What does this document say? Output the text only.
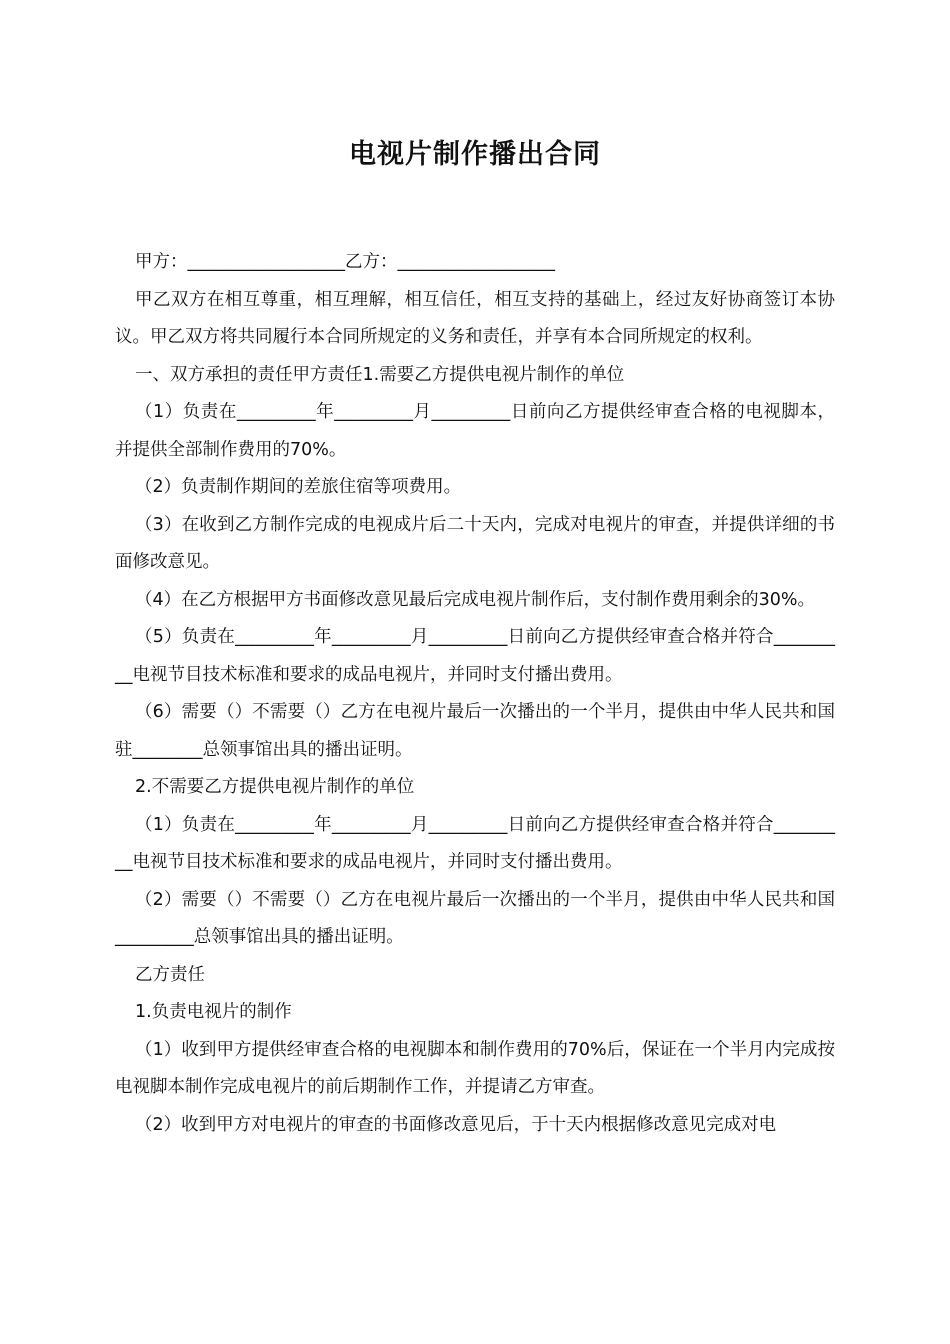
电视片制作播出合同

甲方：__________________乙方：__________________

甲乙双方在相互尊重，相互理解，相互信任，相互支持的基础上，经过友好协商签订本协议。甲乙双方将共同履行本合同所规定的义务和责任，并享有本合同所规定的权利。

一、双方承担的责任甲方责任1.需要乙方提供电视片制作的单位

（1）负责在_________年_________月_________日前向乙方提供经审查合格的电视脚本，并提供全部制作费用的70%。

（2）负责制作期间的差旅住宿等项费用。

（3）在收到乙方制作完成的电视成片后二十天内，完成对电视片的审查，并提供详细的书面修改意见。

（4）在乙方根据甲方书面修改意见最后完成电视片制作后，支付制作费用剩余的30%。

（5）负责在_________年_________月_________日前向乙方提供经审查合格并符合_________电视节目技术标准和要求的成品电视片，并同时支付播出费用。

（6）需要（）不需要（）乙方在电视片最后一次播出的一个半月，提供由中华人民共和国驻________总领事馆出具的播出证明。

2.不需要乙方提供电视片制作的单位

（1）负责在_________年_________月_________日前向乙方提供经审查合格并符合_________电视节目技术标准和要求的成品电视片，并同时支付播出费用。

（2）需要（）不需要（）乙方在电视片最后一次播出的一个半月，提供由中华人民共和国_________总领事馆出具的播出证明。

乙方责任

1.负责电视片的制作

（1）收到甲方提供经审查合格的电视脚本和制作费用的70%后，保证在一个半月内完成按电视脚本制作完成电视片的前后期制作工作，并提请乙方审查。

（2）收到甲方对电视片的审查的书面修改意见后，于十天内根据修改意见完成对电
